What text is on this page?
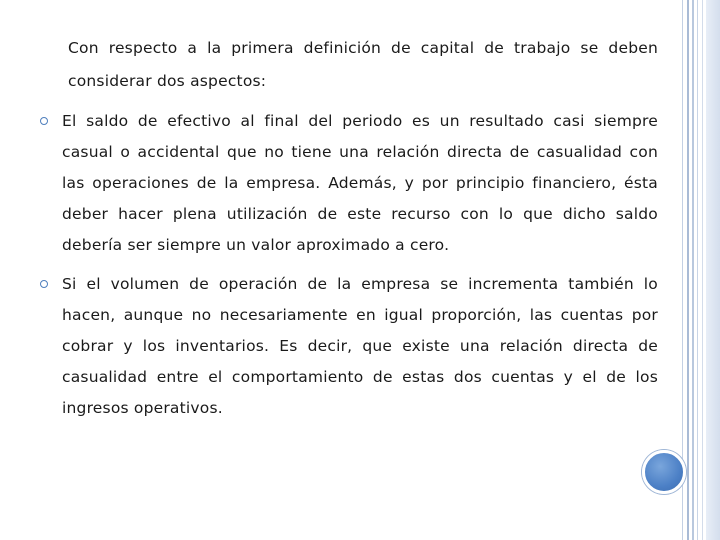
Con respecto a la primera definición de capital de trabajo se deben considerar dos aspectos:

El saldo de efectivo al final del periodo es un resultado casi siempre casual o accidental que no tiene una relación directa de casualidad con las operaciones de la empresa. Además, y por principio financiero, ésta deber hacer plena utilización de este recurso con lo que dicho saldo debería ser siempre un valor aproximado a cero.
Si el volumen de operación de la empresa se incrementa también lo hacen, aunque no necesariamente en igual proporción, las cuentas por cobrar y los inventarios. Es decir, que existe una relación directa de casualidad entre el comportamiento de estas dos cuentas y el de los ingresos operativos.
